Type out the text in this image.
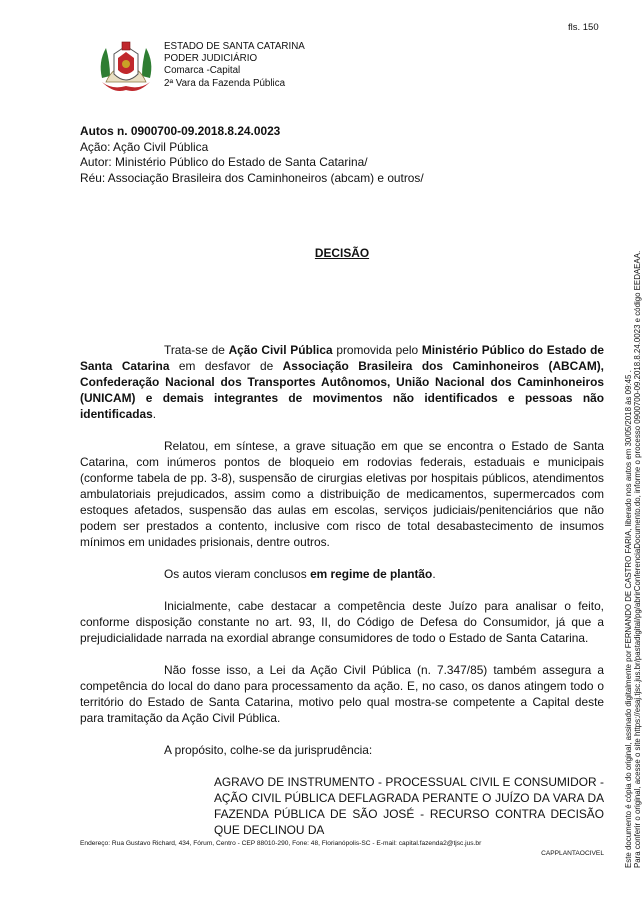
fls. 150
ESTADO DE SANTA CATARINA
PODER JUDICIÁRIO
Comarca -Capital
2ª Vara da Fazenda Pública
Autos n. 0900700-09.2018.8.24.0023
Ação: Ação Civil Pública
Autor: Ministério Público do Estado de Santa Catarina/
Réu: Associação Brasileira dos Caminhoneiros (abcam) e outros/
DECISÃO

Trata-se de Ação Civil Pública promovida pelo Ministério Público do Estado de Santa Catarina em desfavor de Associação Brasileira dos Caminhoneiros (ABCAM), Confederação Nacional dos Transportes Autônomos, União Nacional dos Caminhoneiros (UNICAM) e demais integrantes de movimentos não identificados e pessoas não identificadas.

Relatou, em síntese, a grave situação em que se encontra o Estado de Santa Catarina, com inúmeros pontos de bloqueio em rodovias federais, estaduais e municipais (conforme tabela de pp. 3-8), suspensão de cirurgias eletivas por hospitais públicos, atendimentos ambulatoriais prejudicados, assim como a distribuição de medicamentos, supermercados com estoques afetados, suspensão das aulas em escolas, serviços judiciais/penitenciários que não podem ser prestados a contento, inclusive com risco de total desabastecimento de insumos mínimos em unidades prisionais, dentre outros.

Os autos vieram conclusos em regime de plantão.

Inicialmente, cabe destacar a competência deste Juízo para analisar o feito, conforme disposição constante no art. 93, II, do Código de Defesa do Consumidor, já que a prejudicialidade narrada na exordial abrange consumidores de todo o Estado de Santa Catarina.

Não fosse isso, a Lei da Ação Civil Pública (n. 7.347/85) também assegura a competência do local do dano para processamento da ação. E, no caso, os danos atingem todo o território do Estado de Santa Catarina, motivo pelo qual mostra-se competente a Capital deste para tramitação da Ação Civil Pública.

A propósito, colhe-se da jurisprudência:

AGRAVO DE INSTRUMENTO - PROCESSUAL CIVIL E CONSUMIDOR - AÇÃO CIVIL PÚBLICA DEFLAGRADA PERANTE O JUÍZO DA VARA DA FAZENDA PÚBLICA DE SÃO JOSÉ - RECURSO CONTRA DECISÃO QUE DECLINOU DA
Endereço: Rua Gustavo Richard, 434, Fórum, Centro - CEP 88010-290, Fone: 48, Florianópolis-SC - E-mail: capital.fazenda2@tjsc.jus.br
CAPPLANTAOCIVEL	Este documento é cópia do original, assinado digitalmente por FERNANDO DE CASTRO FARIA, liberado nos autos em 30/05/2018 às 09:45 . Para conferir o original, acesse o site https://esaj.tjsc.jus.br/pastadigital/pg/abrirConferenciaDocumento.do, informe o processo 0900700-09.2018.8.24.0023 e código EEDAEAA.
